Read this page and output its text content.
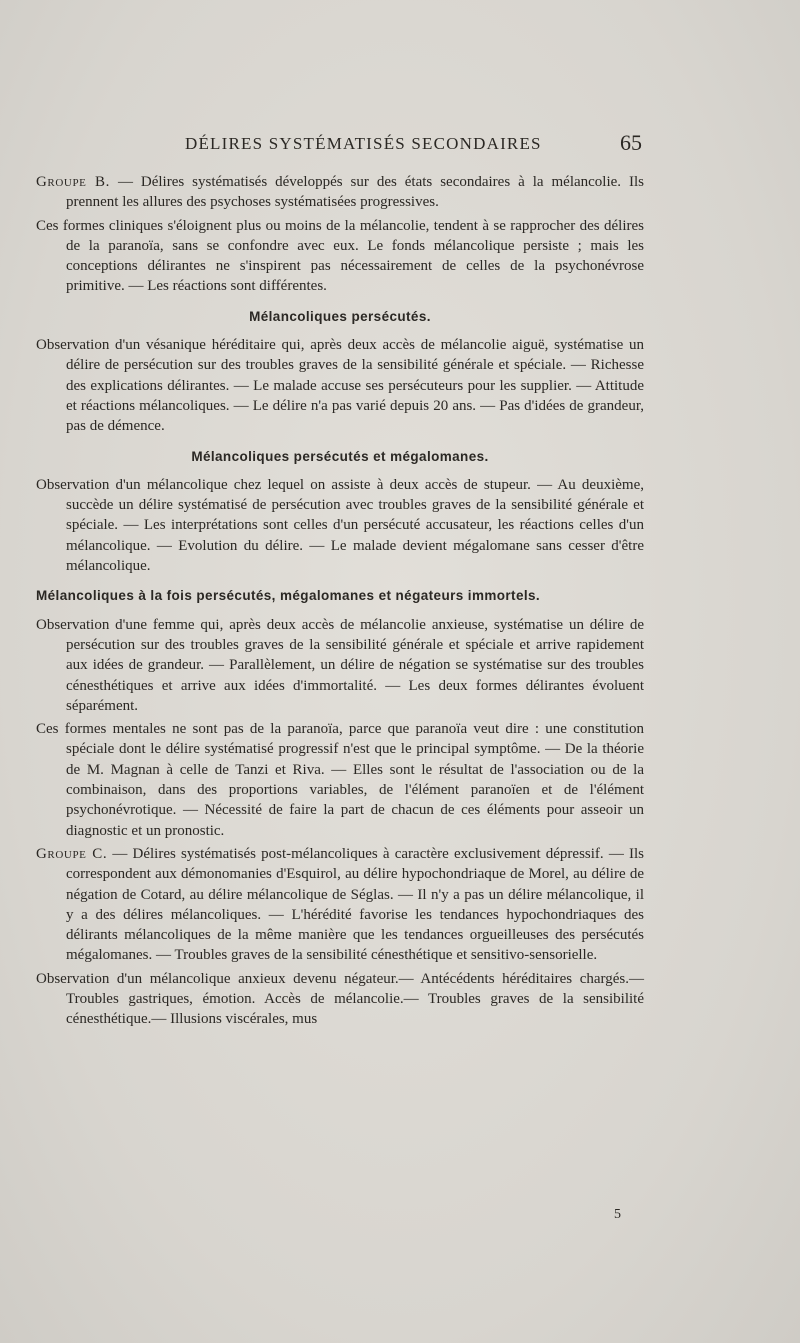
DÉLIRES SYSTÉMATISÉS SECONDAIRES	65

Groupe B. — Délires systématisés développés sur des états secondaires à la mélancolie. Ils prennent les allures des psychoses systématisées progressives.

Ces formes cliniques s'éloignent plus ou moins de la mélancolie, tendent à se rapprocher des délires de la paranoïa, sans se confondre avec eux. Le fonds mélancolique persiste ; mais les conceptions délirantes ne s'inspirent pas nécessairement de celles de la psychonévrose primitive. — Les réactions sont différentes.

Mélancoliques persécutés.

Observation d'un vésanique héréditaire qui, après deux accès de mélancolie aiguë, systématise un délire de persécution sur des troubles graves de la sensibilité générale et spéciale. — Richesse des explications délirantes. — Le malade accuse ses persécuteurs pour les supplier. — Attitude et réactions mélancoliques. — Le délire n'a pas varié depuis 20 ans. — Pas d'idées de grandeur, pas de démence.

Mélancoliques persécutés et mégalomanes.

Observation d'un mélancolique chez lequel on assiste à deux accès de stupeur. — Au deuxième, succède un délire systématisé de persécution avec troubles graves de la sensibilité générale et spéciale. — Les interprétations sont celles d'un persécuté accusateur, les réactions celles d'un mélancolique. — Evolution du délire. — Le malade devient mégalomane sans cesser d'être mélancolique.

Mélancoliques à la fois persécutés, mégalomanes et négateurs immortels.

Observation d'une femme qui, après deux accès de mélancolie anxieuse, systématise un délire de persécution sur des troubles graves de la sensibilité générale et spéciale et arrive rapidement aux idées de grandeur. — Parallèlement, un délire de négation se systématise sur des troubles cénesthétiques et arrive aux idées d'immortalité. — Les deux formes délirantes évoluent séparément.

Ces formes mentales ne sont pas de la paranoïa, parce que paranoïa veut dire : une constitution spéciale dont le délire systématisé progressif n'est que le principal symptôme. — De la théorie de M. Magnan à celle de Tanzi et Riva. — Elles sont le résultat de l'association ou de la combinaison, dans des proportions variables, de l'élément paranoïen et de l'élément psychonévrotique. — Nécessité de faire la part de chacun de ces éléments pour asseoir un diagnostic et un pronostic.

Groupe C. — Délires systématisés post-mélancoliques à caractère exclusivement dépressif. — Ils correspondent aux démonomanies d'Esquirol, au délire hypochondriaque de Morel, au délire de négation de Cotard, au délire mélancolique de Séglas. — Il n'y a pas un délire mélancolique, il y a des délires mélancoliques. — L'hérédité favorise les tendances hypochondriaques des délirants mélancoliques de la même manière que les tendances orgueilleuses des persécutés mégalomanes. — Troubles graves de la sensibilité cénesthétique et sensitivo-sensorielle.

Observation d'un mélancolique anxieux devenu négateur.— Antécédents héréditaires chargés.— Troubles gastriques, émotion. Accès de mélancolie.— Troubles graves de la sensibilité cénesthétique.— Illusions viscérales, mus

5
